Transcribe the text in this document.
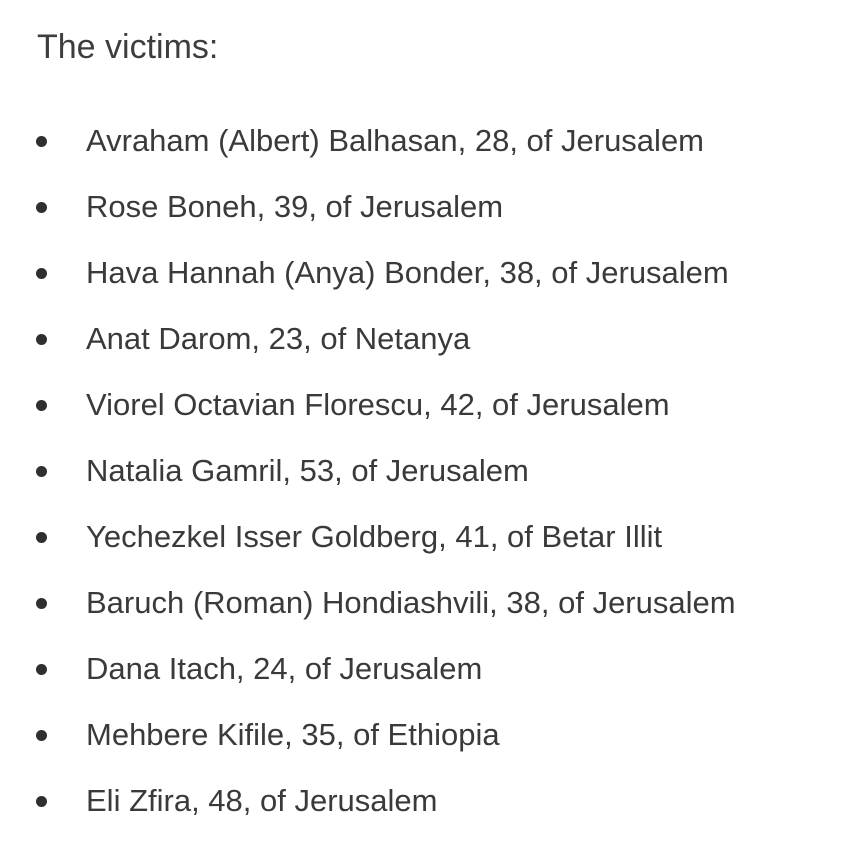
The victims:
Avraham (Albert) Balhasan, 28, of Jerusalem
Rose Boneh, 39, of Jerusalem
Hava Hannah (Anya) Bonder, 38, of Jerusalem
Anat Darom, 23, of Netanya
Viorel Octavian Florescu, 42, of Jerusalem
Natalia Gamril, 53, of Jerusalem
Yechezkel Isser Goldberg, 41, of Betar Illit
Baruch (Roman) Hondiashvili, 38, of Jerusalem
Dana Itach, 24, of Jerusalem
Mehbere Kifile, 35, of Ethiopia
Eli Zfira, 48, of Jerusalem
